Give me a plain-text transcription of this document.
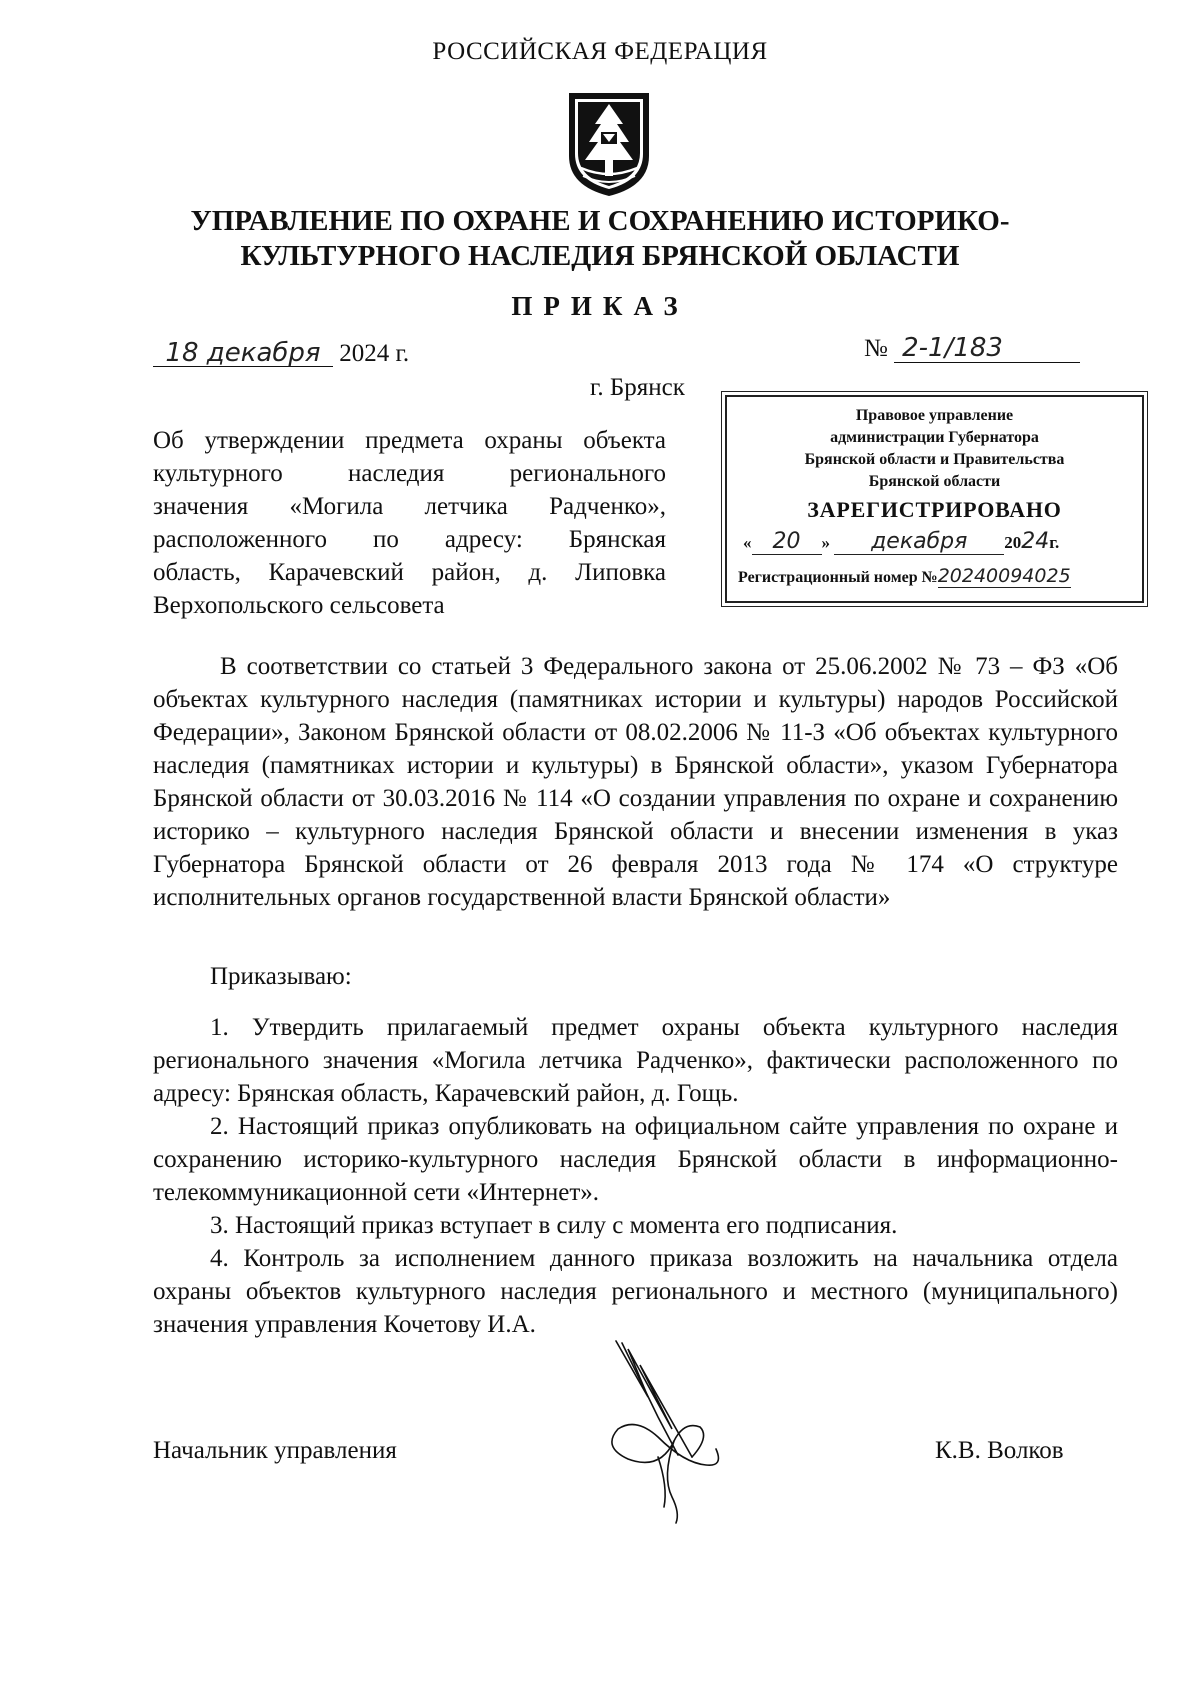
РОССИЙСКАЯ ФЕДЕРАЦИЯ
УПРАВЛЕНИЕ ПО ОХРАНЕ И СОХРАНЕНИЮ ИСТОРИКО-
КУЛЬТУРНОГО НАСЛЕДИЯ БРЯНСКОЙ ОБЛАСТИ
ПРИКАЗ
18 декабря 2024 г.	№ 2-1/183
г. Брянск
Об утверждении предмета охраны объекта
культурного наследия регионального
значения «Могила летчика Радченко»,
расположенного по адресу: Брянская
область, Карачевский район, д. Липовка
Верхопольского сельсовета
Правовое управление
администрации Губернатора
Брянской области и Правительства
Брянской области
ЗАРЕГИСТРИРОВАНО
« 20 » декабря 2024г.
Регистрационный номер №20240094025

В соответствии со статьей 3 Федерального закона от 25.06.2002 № 73 – ФЗ «Об объектах культурного наследия (памятниках истории и культуры) народов Российской Федерации», Законом Брянской области от 08.02.2006 № 11-З «Об объектах культурного наследия (памятниках истории и культуры) в Брянской области», указом Губернатора Брянской области от 30.03.2016 № 114 «О создании управления по охране и сохранению историко – культурного наследия Брянской области и внесении изменения в указ Губернатора Брянской области от 26 февраля 2013 года № 174 «О структуре исполнительных органов государственной власти Брянской области»

Приказываю:

1. Утвердить прилагаемый предмет охраны объекта культурного наследия регионального значения «Могила летчика Радченко», фактически расположенного по адресу: Брянская область, Карачевский район, д. Гощь.

2. Настоящий приказ опубликовать на официальном сайте управления по охране и сохранению историко-культурного наследия Брянской области в информационно-телекоммуникационной сети «Интернет».

3. Настоящий приказ вступает в силу с момента его подписания.

4. Контроль за исполнением данного приказа возложить на начальника отдела охраны объектов культурного наследия регионального и местного (муниципального) значения управления Кочетову И.А.

Начальник управления	К.В. Волков
